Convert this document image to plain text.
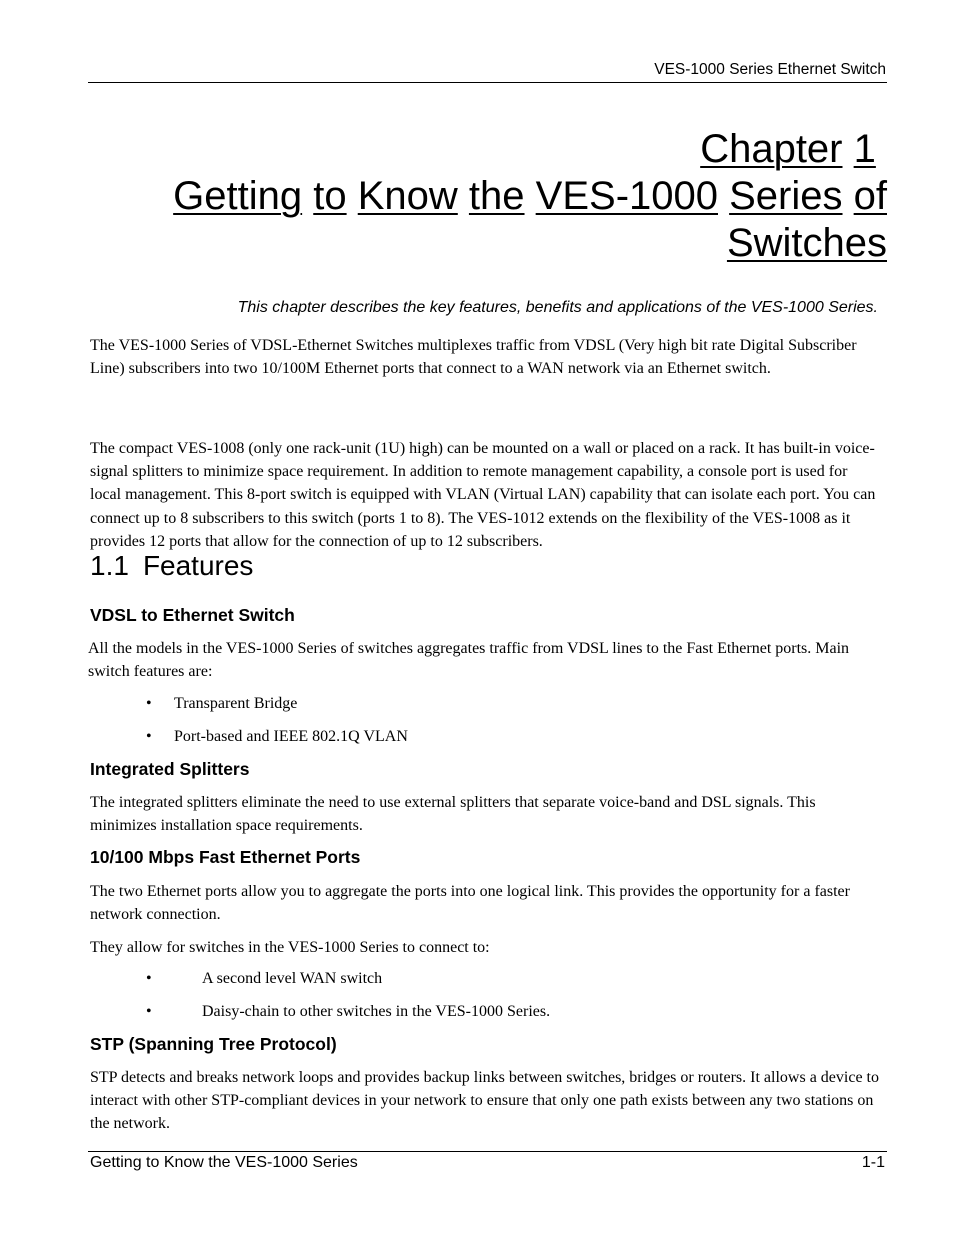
VES-1000 Series Ethernet Switch
Chapter 1
Getting to Know the VES-1000 Series of
Switches
This chapter describes the key features, benefits and applications of the VES-1000 Series.

The VES-1000 Series of VDSL-Ethernet Switches multiplexes traffic from VDSL (Very high bit rate Digital Subscriber Line) subscribers into two 10/100M Ethernet ports that connect to a WAN network via an Ethernet switch.

The compact VES-1008 (only one rack-unit (1U) high) can be mounted on a wall or placed on a rack. It has built-in voice-signal splitters to minimize space requirement. In addition to remote management capability, a console port is used for local management. This 8-port switch is equipped with VLAN (Virtual LAN) capability that can isolate each port. You can connect up to 8 subscribers to this switch (ports 1 to 8). The VES-1012 extends on the flexibility of the VES-1008 as it provides 12 ports that allow for the connection of up to 12 subscribers.

1.1 Features
VDSL to Ethernet Switch

All the models in the VES-1000 Series of switches aggregates traffic from VDSL lines to the Fast Ethernet ports. Main switch features are:

• Transparent Bridge
• Port-based and IEEE 802.1Q VLAN
Integrated Splitters

The integrated splitters eliminate the need to use external splitters that separate voice-band and DSL signals. This minimizes installation space requirements.

10/100 Mbps Fast Ethernet Ports

The two Ethernet ports allow you to aggregate the ports into one logical link. This provides the opportunity for a faster network connection.

They allow for switches in the VES-1000 Series to connect to:

•	A second level WAN switch
•	Daisy-chain to other switches in the VES-1000 Series.
STP (Spanning Tree Protocol)

STP detects and breaks network loops and provides backup links between switches, bridges or routers. It allows a device to interact with other STP-compliant devices in your network to ensure that only one path exists between any two stations on the network.

Getting to Know the VES-1000 Series	1-1
